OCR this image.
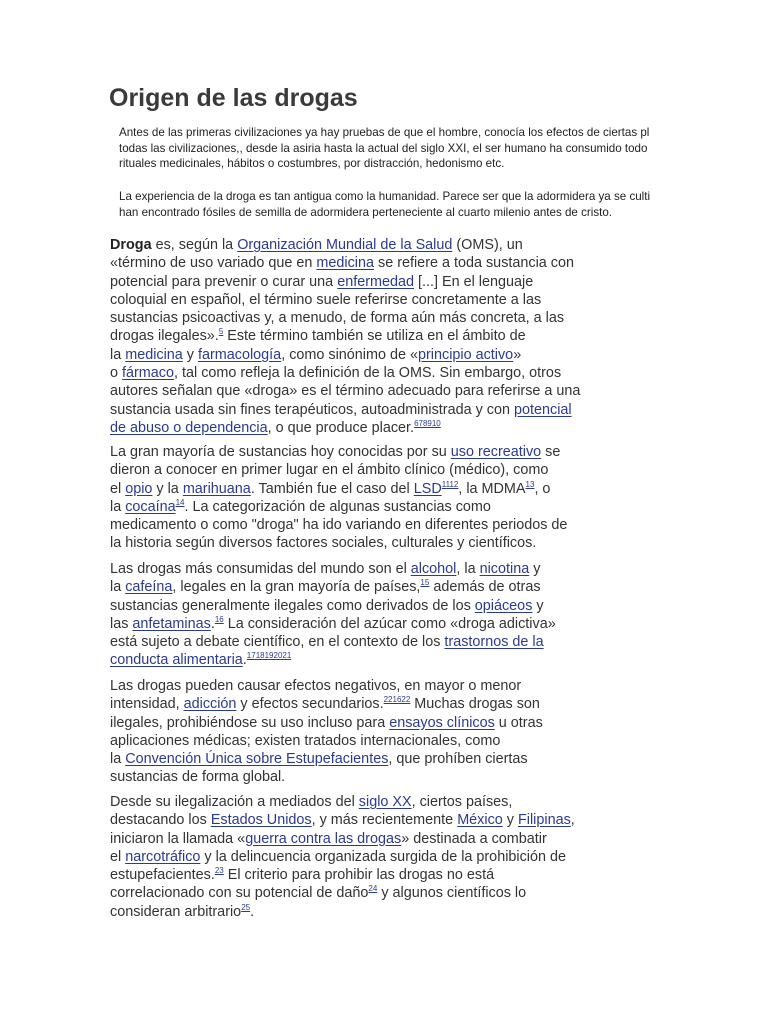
Origen de las drogas
Antes de las primeras civilizaciones ya hay pruebas de que el hombre, conocía los efectos de ciertas pl
todas las civilizaciones,, desde la asiria hasta la actual del siglo XXI, el ser humano ha consumido todo
rituales medicinales, hábitos o costumbres, por distracción, hedonismo etc.
La experiencia de la droga es tan antigua como la humanidad. Parece ser que la adormidera ya se culti
han encontrado fósiles de semilla de adormidera perteneciente al cuarto milenio antes de cristo.
Droga es, según la Organización Mundial de la Salud (OMS), un
«término de uso variado que en medicina se refiere a toda sustancia con
potencial para prevenir o curar una enfermedad [...] En el lenguaje
coloquial en español, el término suele referirse concretamente a las
sustancias psicoactivas y, a menudo, de forma aún más concreta, a las
drogas ilegales».$^5$ Este término también se utiliza en el ámbito de
la medicina y farmacología, como sinónimo de «principio activo»
o fármaco, tal como refleja la definición de la OMS. Sin embargo, otros
autores señalan que «droga» es el término adecuado para referirse a una
sustancia usada sin fines terapéuticos, autoadministrada y con potencial
de abuso o dependencia, o que produce placer.$^{678910}$
La gran mayoría de sustancias hoy conocidas por su uso recreativo se
dieron a conocer en primer lugar en el ámbito clínico (médico), como
el opio y la marihuana. También fue el caso del LSD$^{1112}$, la MDMA$^{13}$, o
la cocaína$^{14}$. La categorización de algunas sustancias como
medicamento o como "droga" ha ido variando en diferentes periodos de
la historia según diversos factores sociales, culturales y científicos.
Las drogas más consumidas del mundo son el alcohol, la nicotina y
la cafeína, legales en la gran mayoría de países,$^{15}$ además de otras
sustancias generalmente ilegales como derivados de los opiáceos y
las anfetaminas.$^{16}$ La consideración del azúcar como «droga adictiva»
está sujeto a debate científico, en el contexto de los trastornos de la
conducta alimentaria.$^{1718192021}$
Las drogas pueden causar efectos negativos, en mayor o menor
intensidad, adicción y efectos secundarios.$^{221622}$ Muchas drogas son
ilegales, prohibiéndose su uso incluso para ensayos clínicos u otras
aplicaciones médicas; existen tratados internacionales, como
la Convención Única sobre Estupefacientes, que prohíben ciertas
sustancias de forma global.
Desde su ilegalización a mediados del siglo XX, ciertos países,
destacando los Estados Unidos, y más recientemente México y Filipinas,
iniciaron la llamada «guerra contra las drogas» destinada a combatir
el narcotráfico y la delincuencia organizada surgida de la prohibición de
estupefacientes.$^{23}$ El criterio para prohibir las drogas no está
correlacionado con su potencial de daño$^{24}$ y algunos científicos lo
consideran arbitrario$^{25}$.
